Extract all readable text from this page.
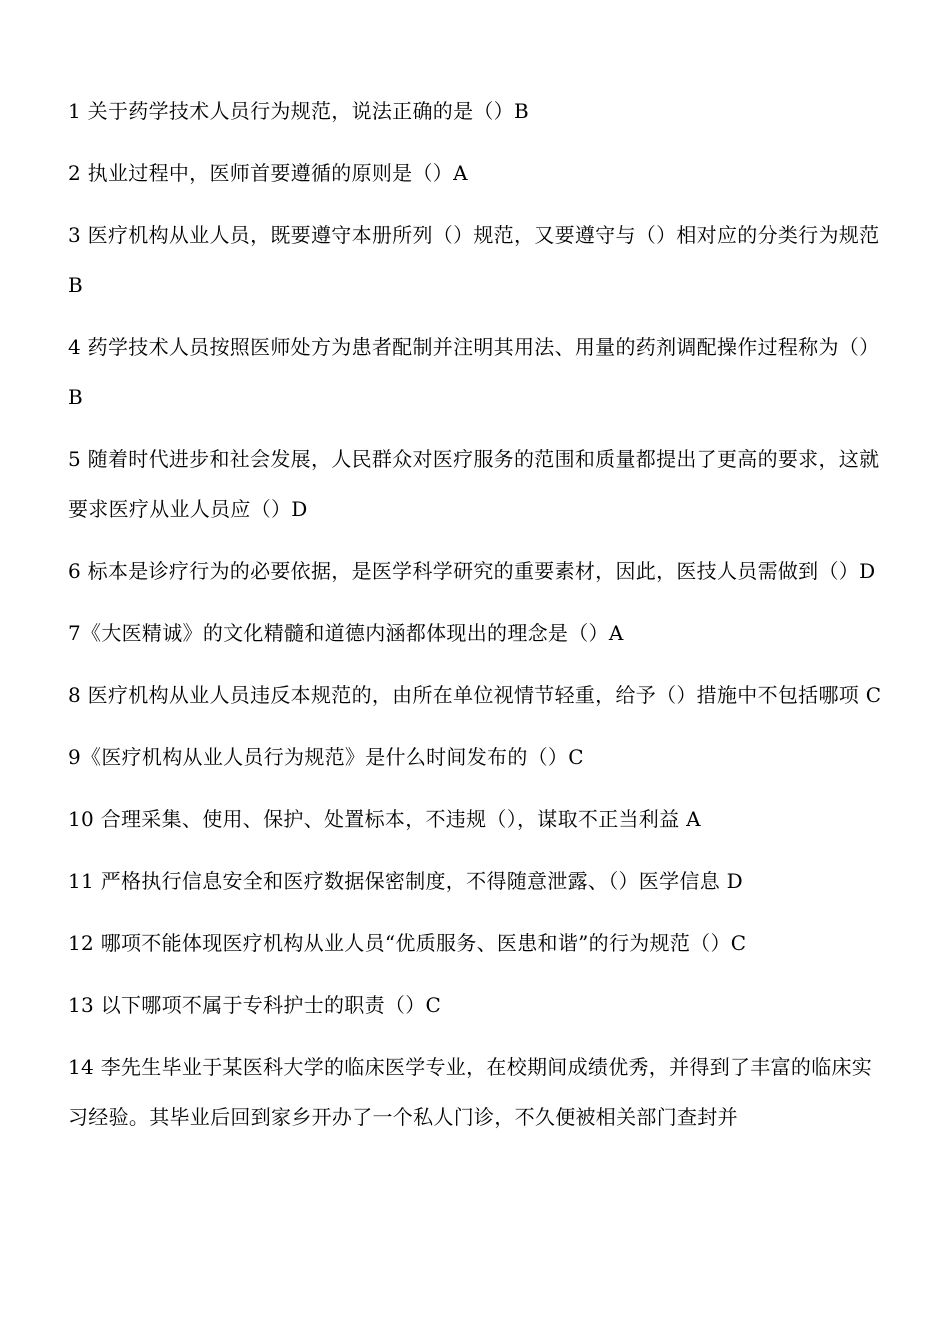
1 关于药学技术人员行为规范，说法正确的是（）B

2 执业过程中，医师首要遵循的原则是（）A

3 医疗机构从业人员，既要遵守本册所列（）规范，又要遵守与（）相对应的分类行为规范 B

4 药学技术人员按照医师处方为患者配制并注明其用法、用量的药剂调配操作过程称为（）B

5 随着时代进步和社会发展，人民群众对医疗服务的范围和质量都提出了更高的要求，这就要求医疗从业人员应（）D

6 标本是诊疗行为的必要依据，是医学科学研究的重要素材，因此，医技人员需做到（）D

7《大医精诚》的文化精髓和道德内涵都体现出的理念是（）A

8 医疗机构从业人员违反本规范的，由所在单位视情节轻重，给予（）措施中不包括哪项 C

9《医疗机构从业人员行为规范》是什么时间发布的（）C

10 合理采集、使用、保护、处置标本，不违规（），谋取不正当利益 A

11 严格执行信息安全和医疗数据保密制度，不得随意泄露、（）医学信息 D

12 哪项不能体现医疗机构从业人员“优质服务、医患和谐”的行为规范（）C

13 以下哪项不属于专科护士的职责（）C

14 李先生毕业于某医科大学的临床医学专业，在校期间成绩优秀，并得到了丰富的临床实习经验。其毕业后回到家乡开办了一个私人门诊，不久便被相关部门查封并
